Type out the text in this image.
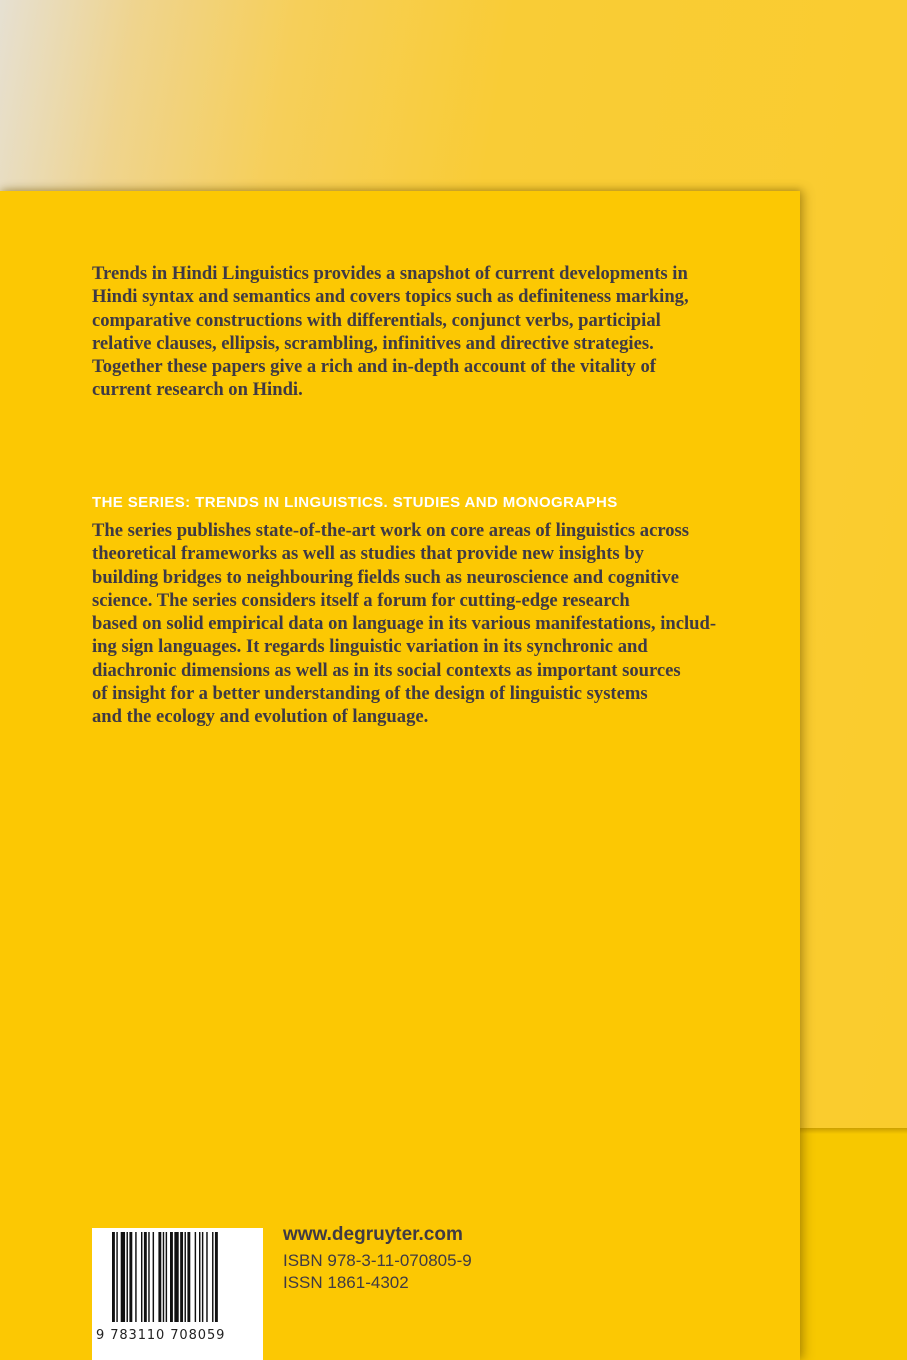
Trends in Hindi Linguistics provides a snapshot of current developments in
Hindi syntax and semantics and covers topics such as definiteness marking,
comparative constructions with differentials, conjunct verbs, participial
relative clauses, ellipsis, scrambling, infinitives and directive strategies.
Together these papers give a rich and in-depth account of the vitality of
current research on Hindi.

THE SERIES: TRENDS IN LINGUISTICS. STUDIES AND MONOGRAPHS

The series publishes state-of-the-art work on core areas of linguistics across
theoretical frameworks as well as studies that provide new insights by
building bridges to neighbouring fields such as neuroscience and cognitive
science. The series considers itself a forum for cutting-edge research
based on solid empirical data on language in its various manifestations, includ-
ing sign languages. It regards linguistic variation in its synchronic and
diachronic dimensions as well as in its social contexts as important sources
of insight for a better understanding of the design of linguistic systems
and the ecology and evolution of language.

9 783110 708059

www.degruyter.com

ISBN 978-3-11-070805-9

ISSN 1861-4302
